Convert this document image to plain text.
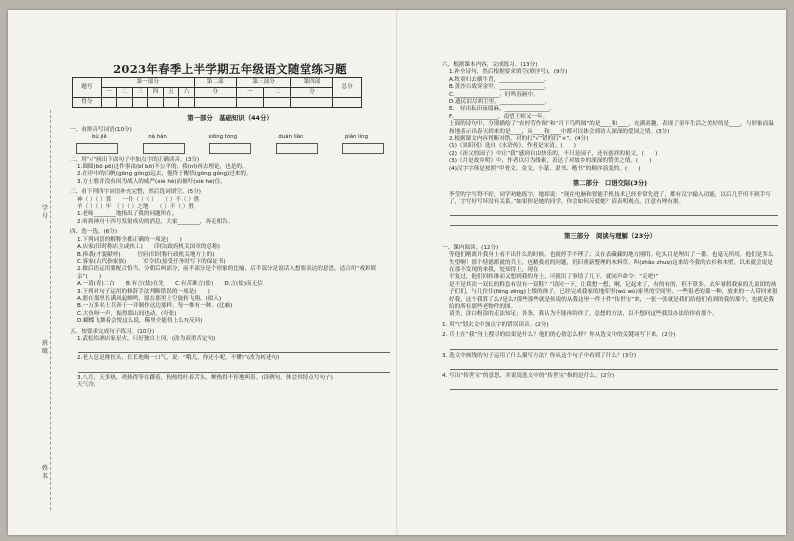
学号
班级
姓名
2023年春季上半学期五年级语文随堂练习题
题号	第一部分						第二部	第三部分		第四部	总分
	一	二	三	四	五	六	分	一	二	分	
得分											
第一部分　基础知识（44分）

一、看拼音写词语(10分)

bù jiě	nà hǎn	xiōng tóng	duàn liàn	pián líng

二、用“√”画出下面句子中加点字的正确读音。(3分)

1.圆圆(bō pō)这件事由(bǐ bō)不公平的，我(nǐ)再去理论，也是的。

2.在岸中的白帆(gōng gǒng)远去，他终于醒悟(gōng gǒng)过来的。

3.方士脸并没有因为战人的威严(xiè hè)而被吓(xiè hè)住。

三、看下列四字词语补充完整，然后选词填空。(5分)

神（ ）（ ）算　　一什（ ）（ ）　　（ ）不（ ）胜

羊（ ）（ ）牢　（ ）（ ）之地　　（ ）不（ ）胜

1.老师________地指出了我的问题所在。

2.听到神舟十四号发射成功的消息，大家________，奔走相告。

四、选一选。(6分)

1.下列词语的解释全都正确的一项是(　　)

A.店家(旧时称店主或伙工)　　印信(政府机关国章的总称)

B.捧袭(才貌献呼)　　　官府(旧时称行政机关地方上的)

C.客家(古代指家族)　　　军令状(接受任务时写下的保证书)

2.歇后语运用要配合恰当，分朝后两部分，前半部分是个形象的比喻，后半部分是说话人想要表达的意思，适合用“戏彩娱亲”(　　)

A.一请(青)二白　　B.有言(盐)在先　　C.有苦难言(盐)　　D.言(盐)而无信

3.下列对句子运用的修辞手法判断错误的一项是(　　)

A.愿在那里长满风起蝉鸣，愿在那里上空旋转飞翔。(拟人)

B.一万多名士兵奔于一并制作这边那样，每一堆有一种。(比喻)

C.大鱼呀一声，振得那山间也动。(夸张)

D.蝴蝶飞舞着会悦这么说，稀里全能得上么?(反问)

五、按要求完成句子练习。(10分)

1.武松给酒店家星火，只好独自上冈。(改为双重否定句)

2.老人总是搀扶头，长长地吸一口气，说：“哦儿，你还小呢，不懂!”(改为转述句)

3.八月，天多热，鸡热得等在蹲着，狗热得吐着舌头，蝉热得不停地叫着。(读例句，体会其特点写句子)

天气冷,

六、根据课本内容，完成练习。(13分)

1.补全诗句，然后根据要求填空(填序号)。(9分)

A.牧童归去横牛背，________________。

B.黄沙百战穿金甲，________________。

C.________________，时鸣春涧中。

D.遗民泪尽胡尘里，________________。

E.　昼出耘田夜绩麻，________________。

F.________________，南望王师又一年。

上面的诗句中，分别描绘了“农村劳作图”和“月下鸟鸣图”的是____和____，充满童趣，表现了童年生活之美好的是____。与形象而温和地表示出春天到来的是____，从____和____中都可以体会到诗人深深的爱国之情。(3分)

2.根据课文内容判断对错，对的打“√”错的打“×”。(4分)

(1)《景阳冈》选自《水浒传》，作者是宋清。(　　)

(2)《祖父的园子》中让“我”感到自由快乐的，不只是园子，还有慈祥的祖父。(　　)

(3)《月是故乡明》中，作者以月为线索，表达了对故乡的深深的赞美之情。(　　)

(4)汉字字体是按照“甲骨文、金文、小篆、隶书、楷书”的顺序演变的。(　　)

第二部分　口语交际(3分)

李莹的字写得不好，同学劝她练字，她却说：“现在电脑和智能手机技术已经非常先进了，都有汉字输入功能，以后几乎用不到手写了，字写好写坏没有关系。”如果你是她的同学，你会如何反驳她？请表明观点，注意有理有据。

第三部分　阅读与理解（23分）

一、课内阅读。(12分)

等他们刚离开我身上看不出什么的时候，也就停手不理了；又在表藏藏的地方刚用。吃头目是理出了一番，也毫无所用，他们是多么失望啊！那个特德派就的兵士，也精我看的问题，仍旧重新整理的木料草，叫(zhǎo zhuo)这来给今我的衣衫和本壁，以来就会说是在那不发现的来我，处知得上，现在

平复过，他们回转继而又想到我的身上，可就出了事情了几下，就同声命令：“走吧!”

是不是其次一双长的鞋套有没有一双鞋？”请问一下，让我想一想，啊，记起来了，有的有的，但不算多。去年暑假我家的儿童团的孩子们们，与几位住(fēng zēng)上级的孩子，已经完成我家的地库里(wū wù)家里的空间里，一些很老的那一种，放来的一人带回来很好我，这个我算了么?是么?那些那些就是传说的从我这里一件十件“传世宝”来，一张一张就是我们给他们看到的我的那个，也就是我给的所有那些老物件的图。

请美，涂白粉涂的走法知足；各条，我认为不能再给你了，总想的方法，以不想问这些我没办法给你看那个。

1. 用“\”划去文中加点字的错误读音。(2分)

2. 兵士在“我”身上搜寻的结果是什么？他们的心情怎么样？你从选文中的关键词写下来。(2分)

3. 选文中画线的句子运用了什么描写方法？你从这个句子中看到了什么？(3分)

4. 写出“传世宝”的意思，并说说选文中的“传世宝”指的是什么。(2分)
